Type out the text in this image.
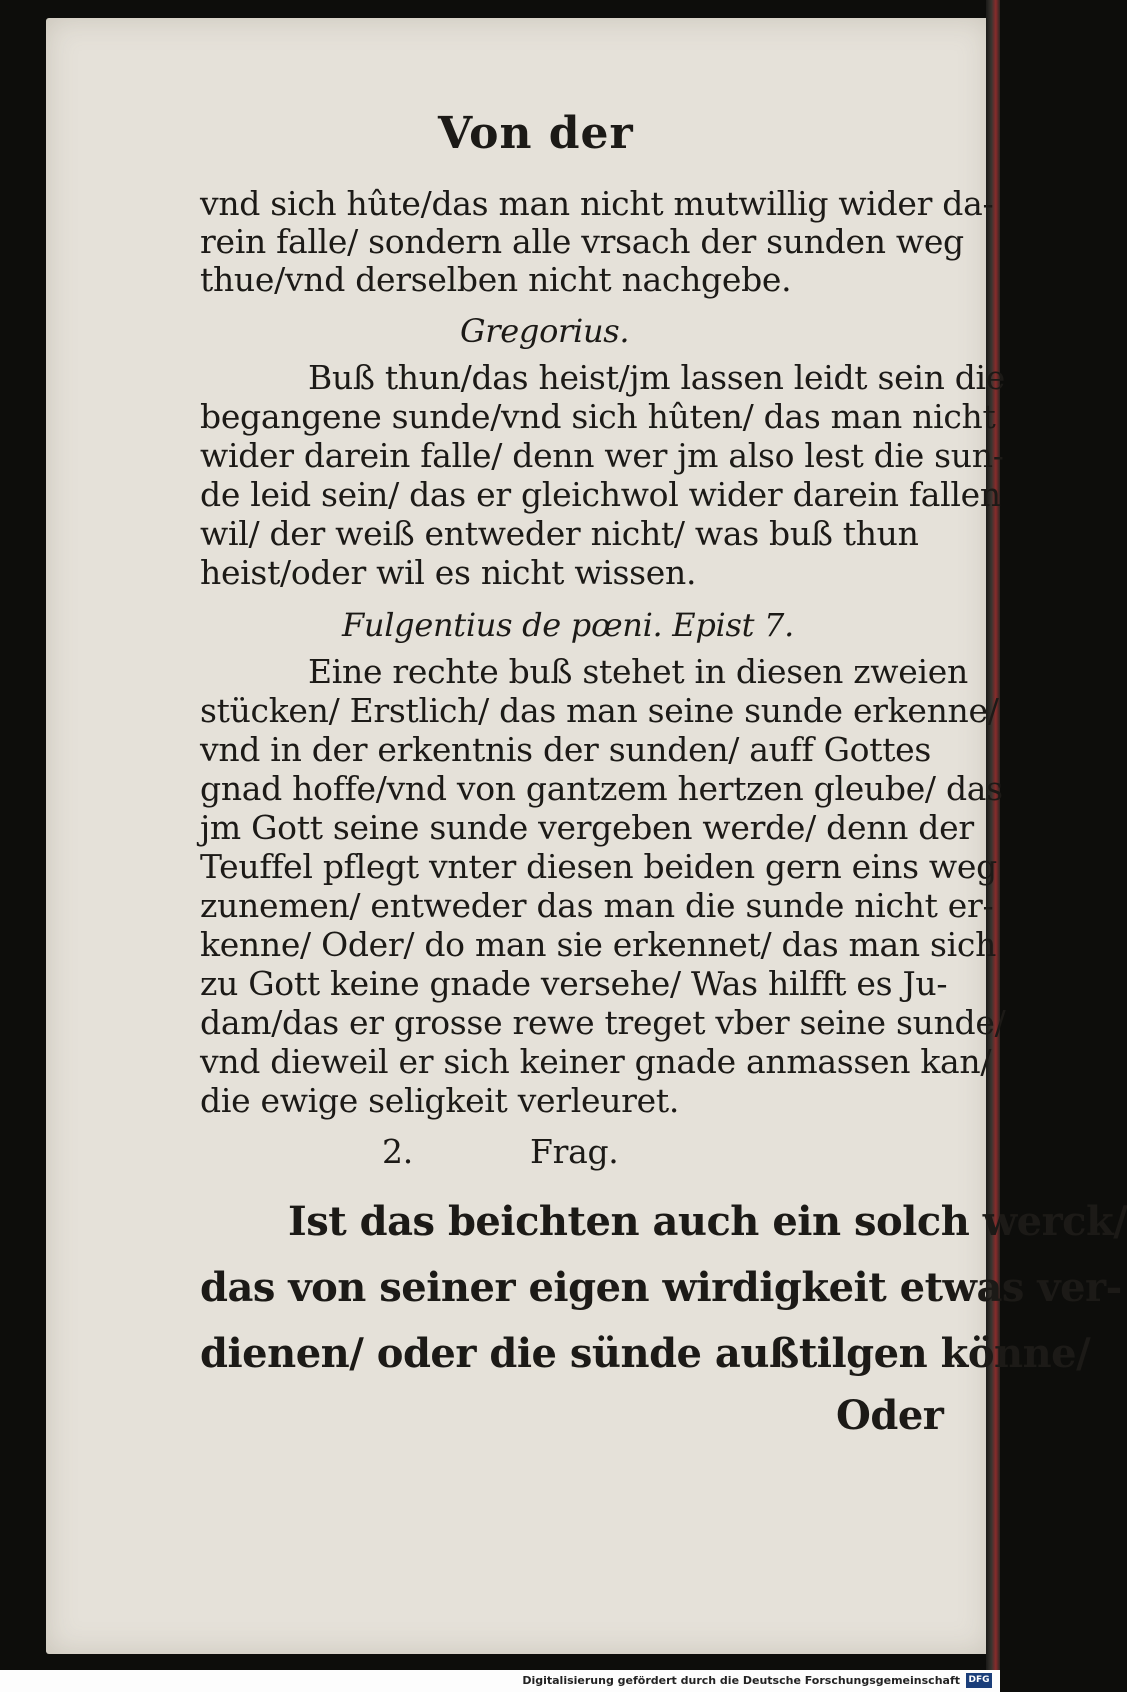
Von der
vnd sich hûte/das man nicht mutwillig wider da-
rein falle/ sondern alle vrsach der sunden weg
thue/vnd derselben nicht nachgebe.
Gregorius.
Buß thun/das heist/jm lassen leidt sein die
begangene sunde/vnd sich hûten/ das man nicht
wider darein falle/ denn wer jm also lest die sun-
de leid sein/ das er gleichwol wider darein fallen
wil/ der weiß entweder nicht/ was buß thun
heist/oder wil es nicht wissen.
Fulgentius de pœni. Epist 7.
Eine rechte buß stehet in diesen zweien
stücken/ Erstlich/ das man seine sunde erkenne/
vnd in der erkentnis der sunden/ auff Gottes
gnad hoffe/vnd von gantzem hertzen gleube/ das
jm Gott seine sunde vergeben werde/ denn der
Teuffel pflegt vnter diesen beiden gern eins weg
zunemen/ entweder das man die sunde nicht er-
kenne/ Oder/ do man sie erkennet/ das man sich
zu Gott keine gnade versehe/ Was hilfft es Ju-
dam/das er grosse rewe treget vber seine sunde/
vnd dieweil er sich keiner gnade anmassen kan/
die ewige seligkeit verleuret.
2.	Frag.
Ist das beichten auch ein solch werck/
das von seiner eigen wirdigkeit etwas ver-
dienen/ oder die sünde außtilgen könne/
Oder
Digitalisierung gefördert durch die Deutsche Forschungsgemeinschaft DFG
